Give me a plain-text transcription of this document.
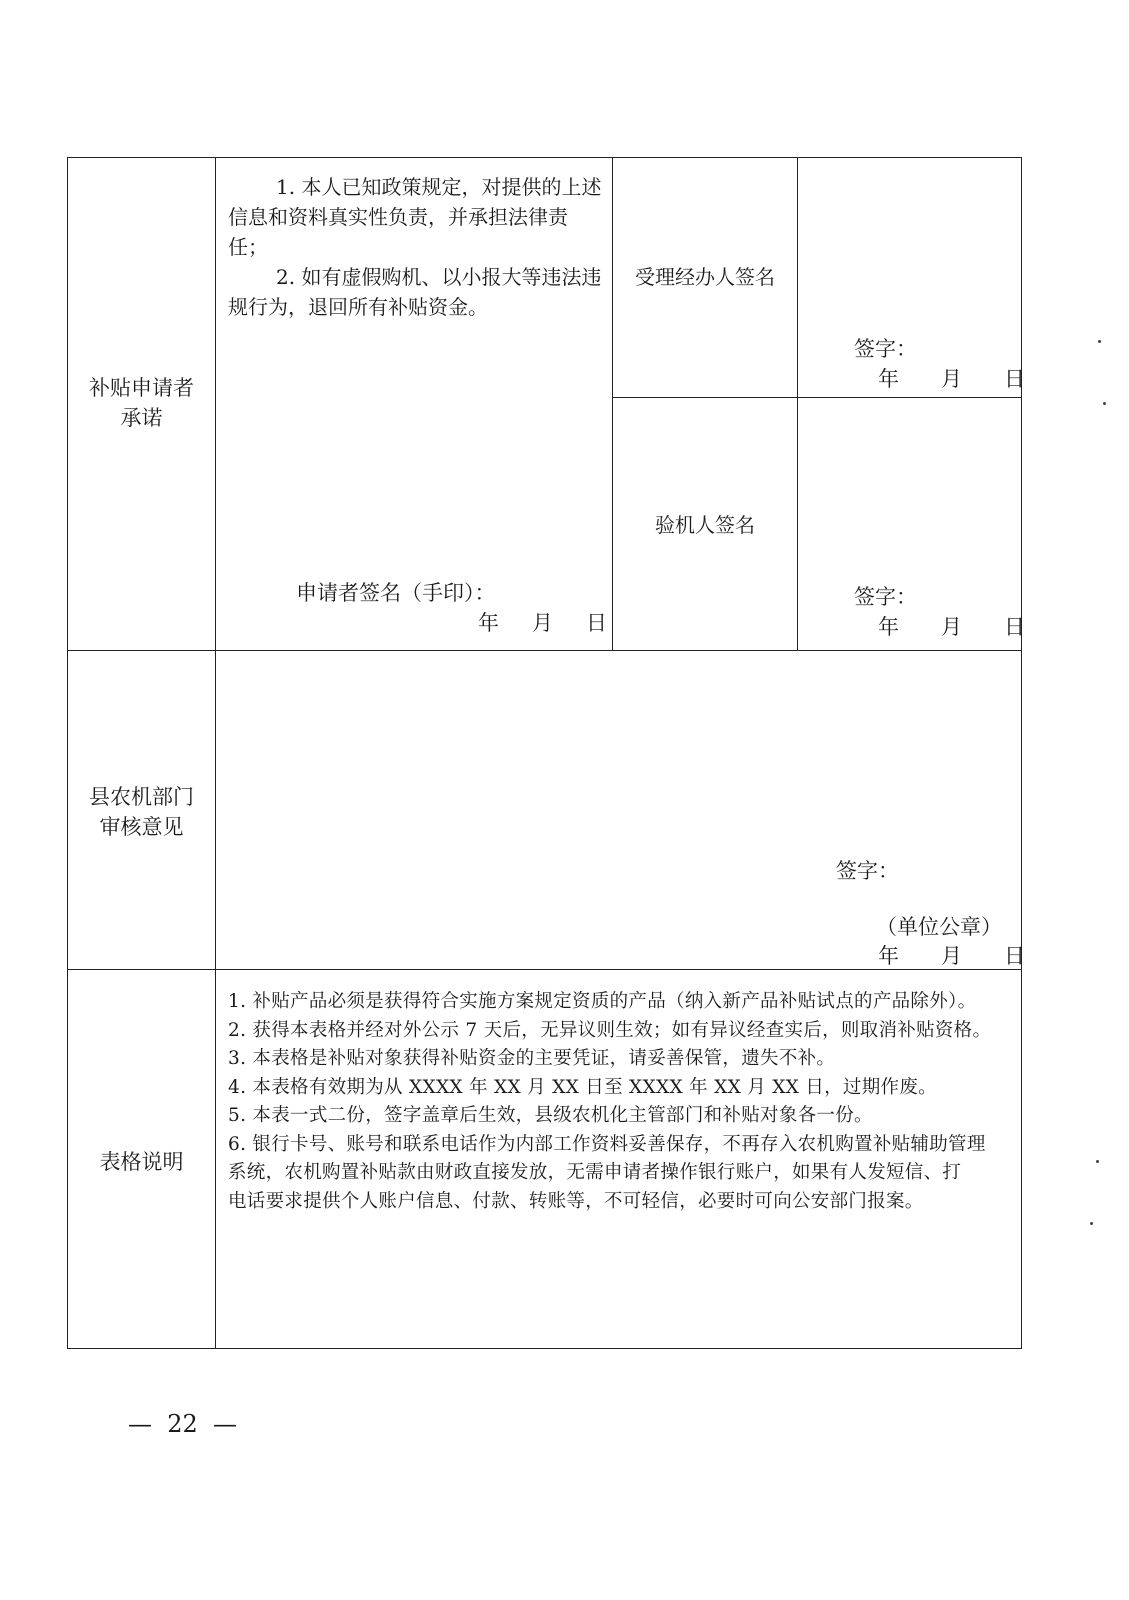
补贴申请者
承诺

1. 本人已知政策规定，对提供的上述信息和资料真实性负责，并承担法律责任；

2. 如有虚假购机、以小报大等违法违规行为，退回所有补贴资金。

申请者签名（手印）：
年　月　日
受理经办人签名
签字：
年　　月　　日
验机人签名
签字：
年　　月　　日
县农机部门
审核意见
签字：
（单位公章）
年　　月　　日
表格说明

1. 补贴产品必须是获得符合实施方案规定资质的产品（纳入新产品补贴试点的产品除外）。

2. 获得本表格并经对外公示 7 天后，无异议则生效；如有异议经查实后，则取消补贴资格。

3. 本表格是补贴对象获得补贴资金的主要凭证，请妥善保管，遗失不补。

4. 本表格有效期为从 XXXX 年 XX 月 XX 日至 XXXX 年 XX 月 XX 日，过期作废。

5. 本表一式二份，签字盖章后生效，县级农机化主管部门和补贴对象各一份。

6. 银行卡号、账号和联系电话作为内部工作资料妥善保存，不再存入农机购置补贴辅助管理

系统，农机购置补贴款由财政直接发放，无需申请者操作银行账户，如果有人发短信、打

电话要求提供个人账户信息、付款、转账等，不可轻信，必要时可向公安部门报案。

—  22  —
